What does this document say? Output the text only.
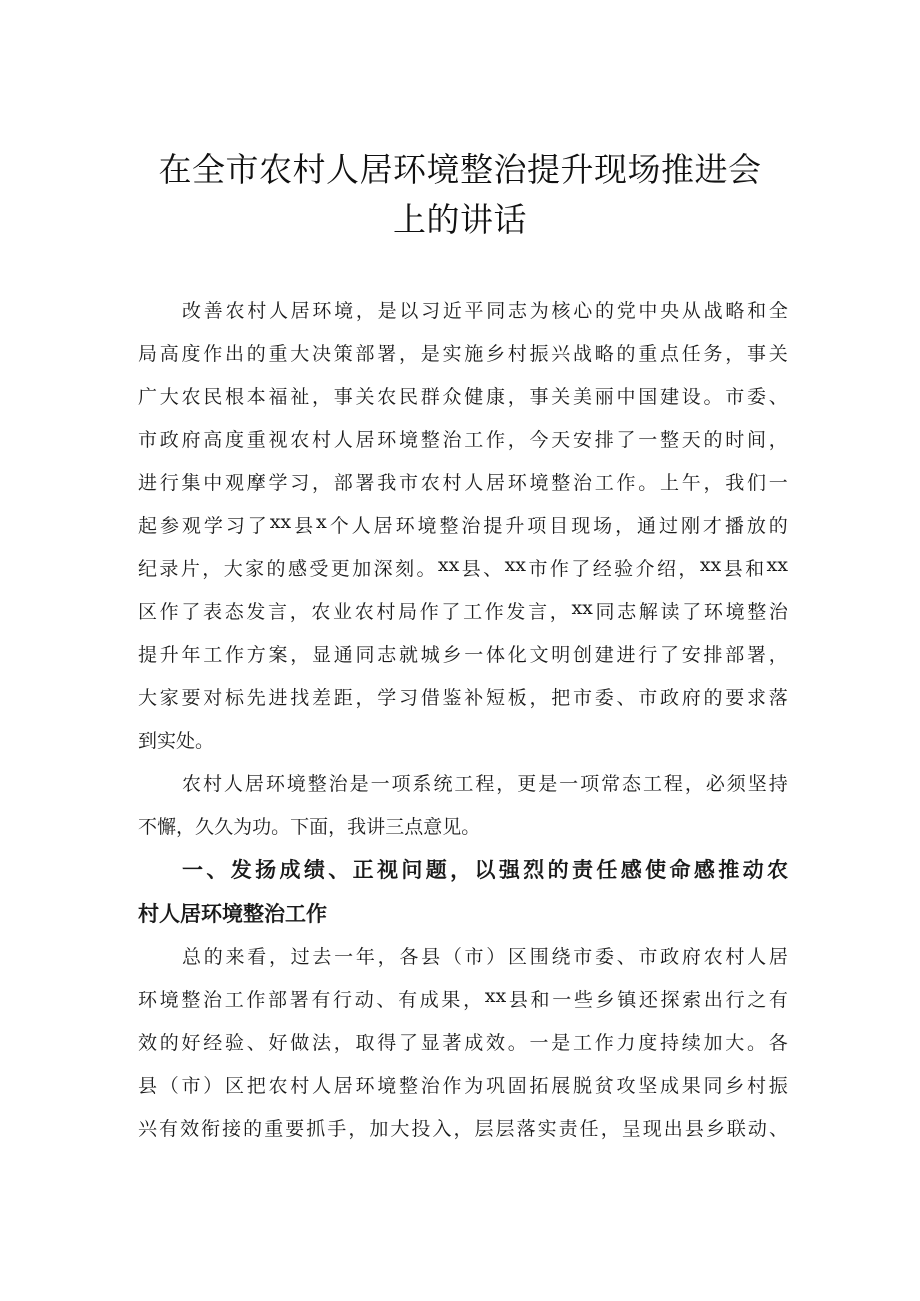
在全市农村人居环境整治提升现场推进会
上的讲话
改 善 农 村 人 居 环 境 ， 是 以 习 近 平 同 志 为 核 心 的 党 中 央 从 战 略 和 全
局 高 度 作 出 的 重 大 决 策 部 署 ， 是 实 施 乡 村 振 兴 战 略 的 重 点 任 务 ， 事 关
广 大 农 民 根 本 福 祉 ， 事 关 农 民 群 众 健 康 ， 事 关 美 丽 中 国 建 设 。 市 委 、
市 政 府 高 度 重 视 农 村 人 居 环 境 整 治 工 作 ， 今 天 安 排 了 一 整 天 的 时 间 ，
进 行 集 中 观 摩 学 习 ， 部 署 我 市 农 村 人 居 环 境 整 治 工 作 。 上 午 ， 我 们 一
起 参 观 学 习 了 xx 县 x 个 人 居 环 境 整 治 提 升 项 目 现 场 ， 通 过 刚 才 播 放 的
纪 录 片 ， 大 家 的 感 受 更 加 深 刻 。 xx 县 、 xx 市 作 了 经 验 介 绍 ， xx 县 和 xx
区 作 了 表 态 发 言 ， 农 业 农 村 局 作 了 工 作 发 言 ， xx 同 志 解 读 了 环 境 整 治
提 升 年 工 作 方 案 ， 显 通 同 志 就 城 乡 一 体 化 文 明 创 建 进 行 了 安 排 部 署 ，
大 家 要 对 标 先 进 找 差 距 ， 学 习 借 鉴 补 短 板 ， 把 市 委 、 市 政 府 的 要 求 落
到 实 处 。
农 村 人 居 环 境 整 治 是 一 项 系 统 工 程 ， 更 是 一 项 常 态 工 程 ， 必 须 坚 持
不 懈 ， 久 久 为 功 。 下 面 ， 我 讲 三 点 意 见 。
一 、 发 扬 成 绩 、 正 视 问 题 ， 以 强 烈 的 责 任 感 使 命 感 推 动 农
村 人 居 环 境 整 治 工 作
总 的 来 看 ， 过 去 一 年 ， 各 县 （ 市 ） 区 围 绕 市 委 、 市 政 府 农 村 人 居
环 境 整 治 工 作 部 署 有 行 动 、 有 成 果 ， xx 县 和 一 些 乡 镇 还 探 索 出 行 之 有
效 的 好 经 验 、 好 做 法 ， 取 得 了 显 著 成 效 。 一 是 工 作 力 度 持 续 加 大 。 各
县 （ 市 ） 区 把 农 村 人 居 环 境 整 治 作 为 巩 固 拓 展 脱 贫 攻 坚 成 果 同 乡 村 振
兴 有 效 衔 接 的 重 要 抓 手 ， 加 大 投 入 ， 层 层 落 实 责 任 ， 呈 现 出 县 乡 联 动 、
